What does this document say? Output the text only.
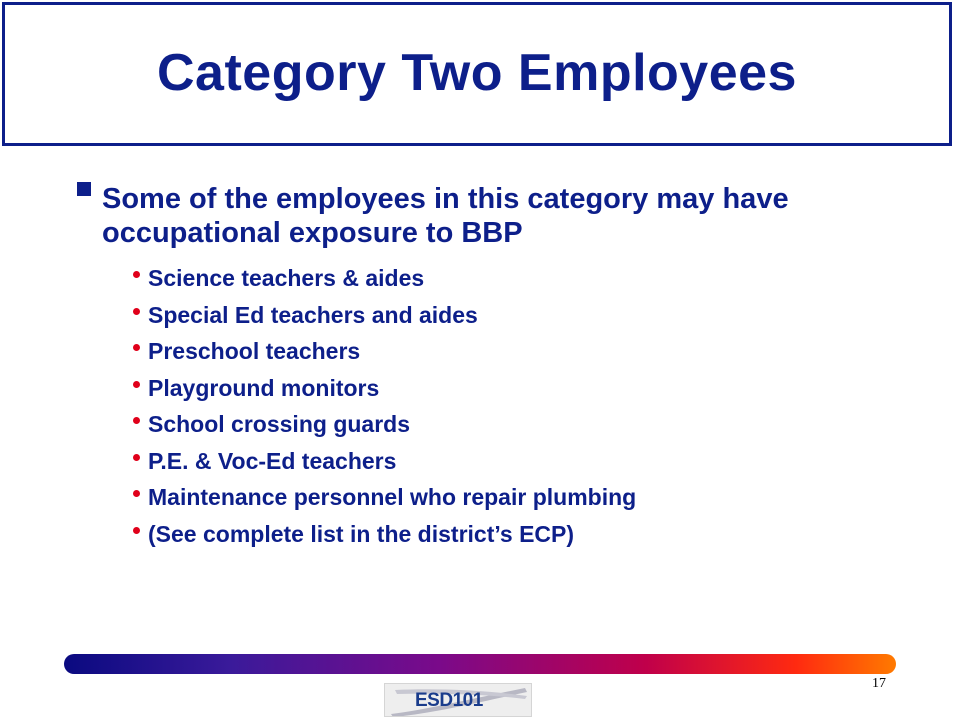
Category Two Employees
Some of the employees in this category may have occupational exposure to BBP
Science teachers & aides
Special Ed teachers and aides
Preschool teachers
Playground monitors
School crossing guards
P.E. & Voc-Ed teachers
Maintenance personnel who repair plumbing
(See complete list in the district’s ECP)
17
ESD101
